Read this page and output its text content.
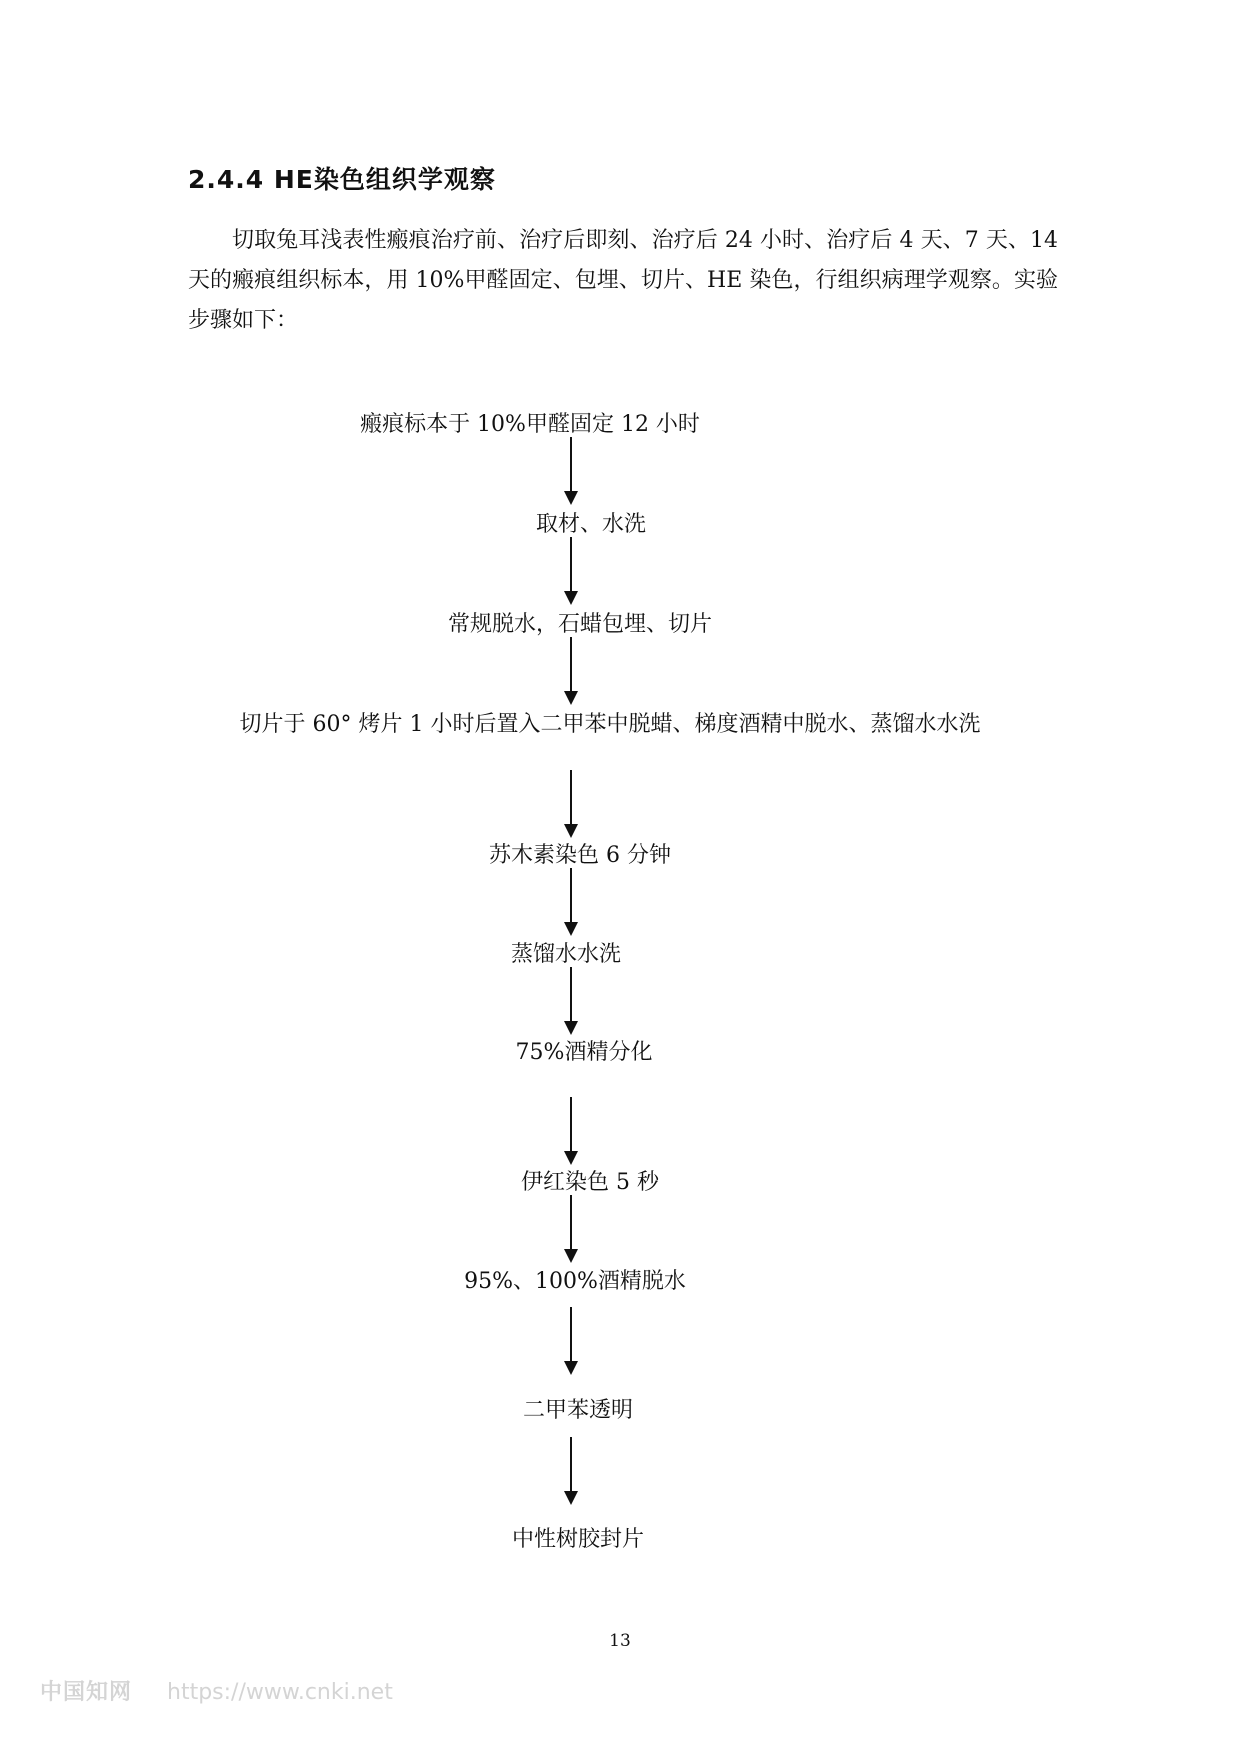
2.4.4 HE染色组织学观察

切取兔耳浅表性瘢痕治疗前、治疗后即刻、治疗后 24 小时、治疗后 4 天、7 天、14 天的瘢痕组织标本，用 10%甲醛固定、包埋、切片、HE 染色，行组织病理学观察。实验步骤如下：

瘢痕标本于 10%甲醛固定 12 小时
取材、水洗
常规脱水，石蜡包埋、切片
切片于 60° 烤片 1 小时后置入二甲苯中脱蜡、梯度酒精中脱水、蒸馏水水洗
苏木素染色 6 分钟
蒸馏水水洗
75%酒精分化
伊红染色 5 秒
95%、100%酒精脱水
二甲苯透明
中性树胶封片
13
中国知网 https://www.cnki.net
